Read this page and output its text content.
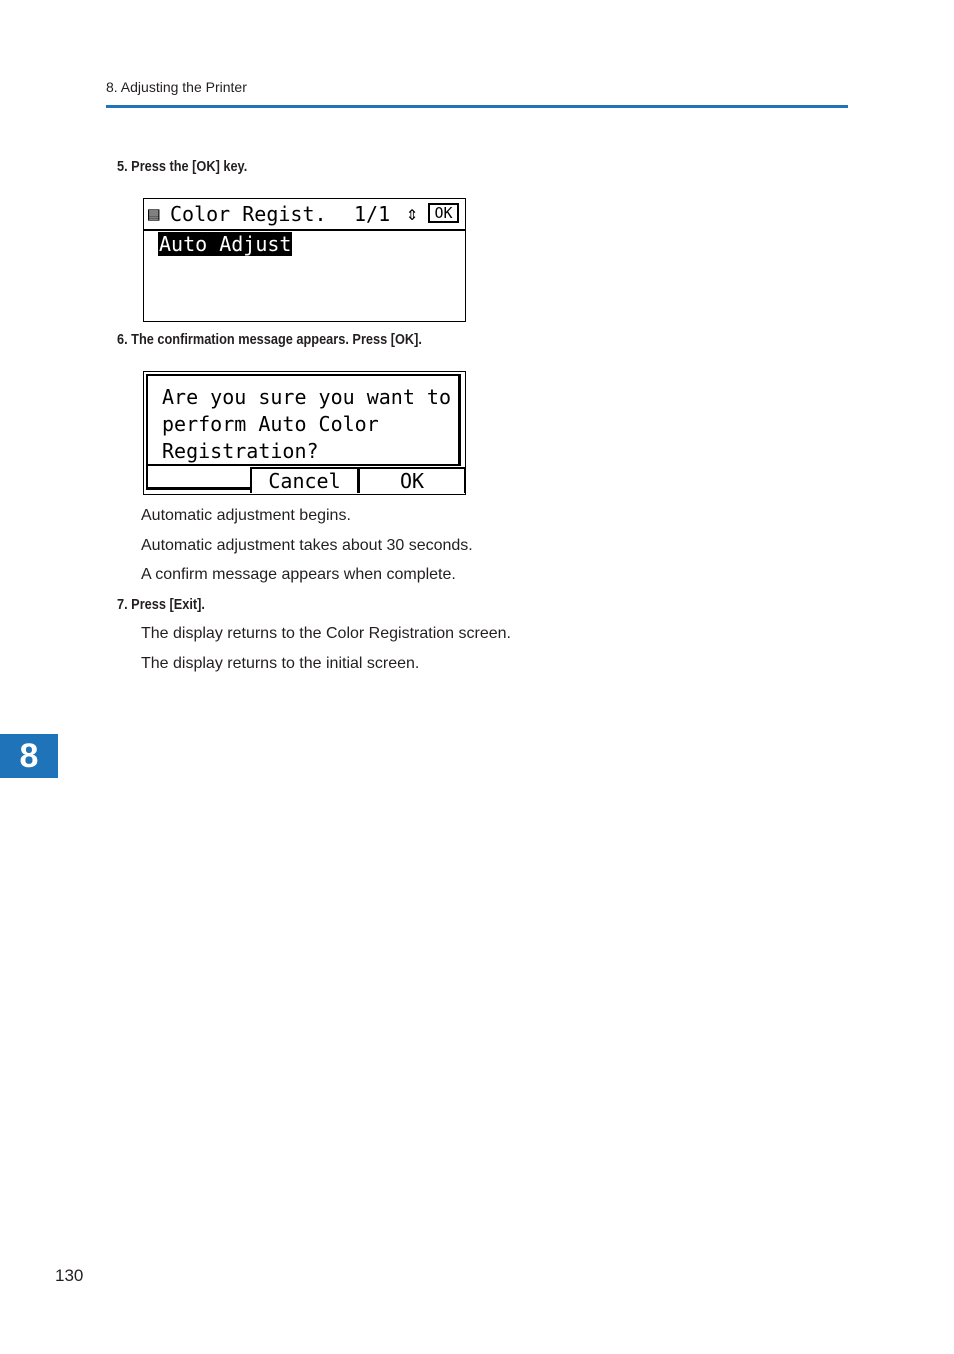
8. Adjusting the Printer
5. Press the [OK] key.
▤ Color Regist. 1/1 ⇕	OK
Auto Adjust
6. The confirmation message appears. Press [OK].
Are you sure you want to
perform Auto Color
Registration?
Cancel	OK
Automatic adjustment begins.
Automatic adjustment takes about 30 seconds.
A confirm message appears when complete.
7. Press [Exit].
The display returns to the Color Registration screen.
The display returns to the initial screen.
8
130
